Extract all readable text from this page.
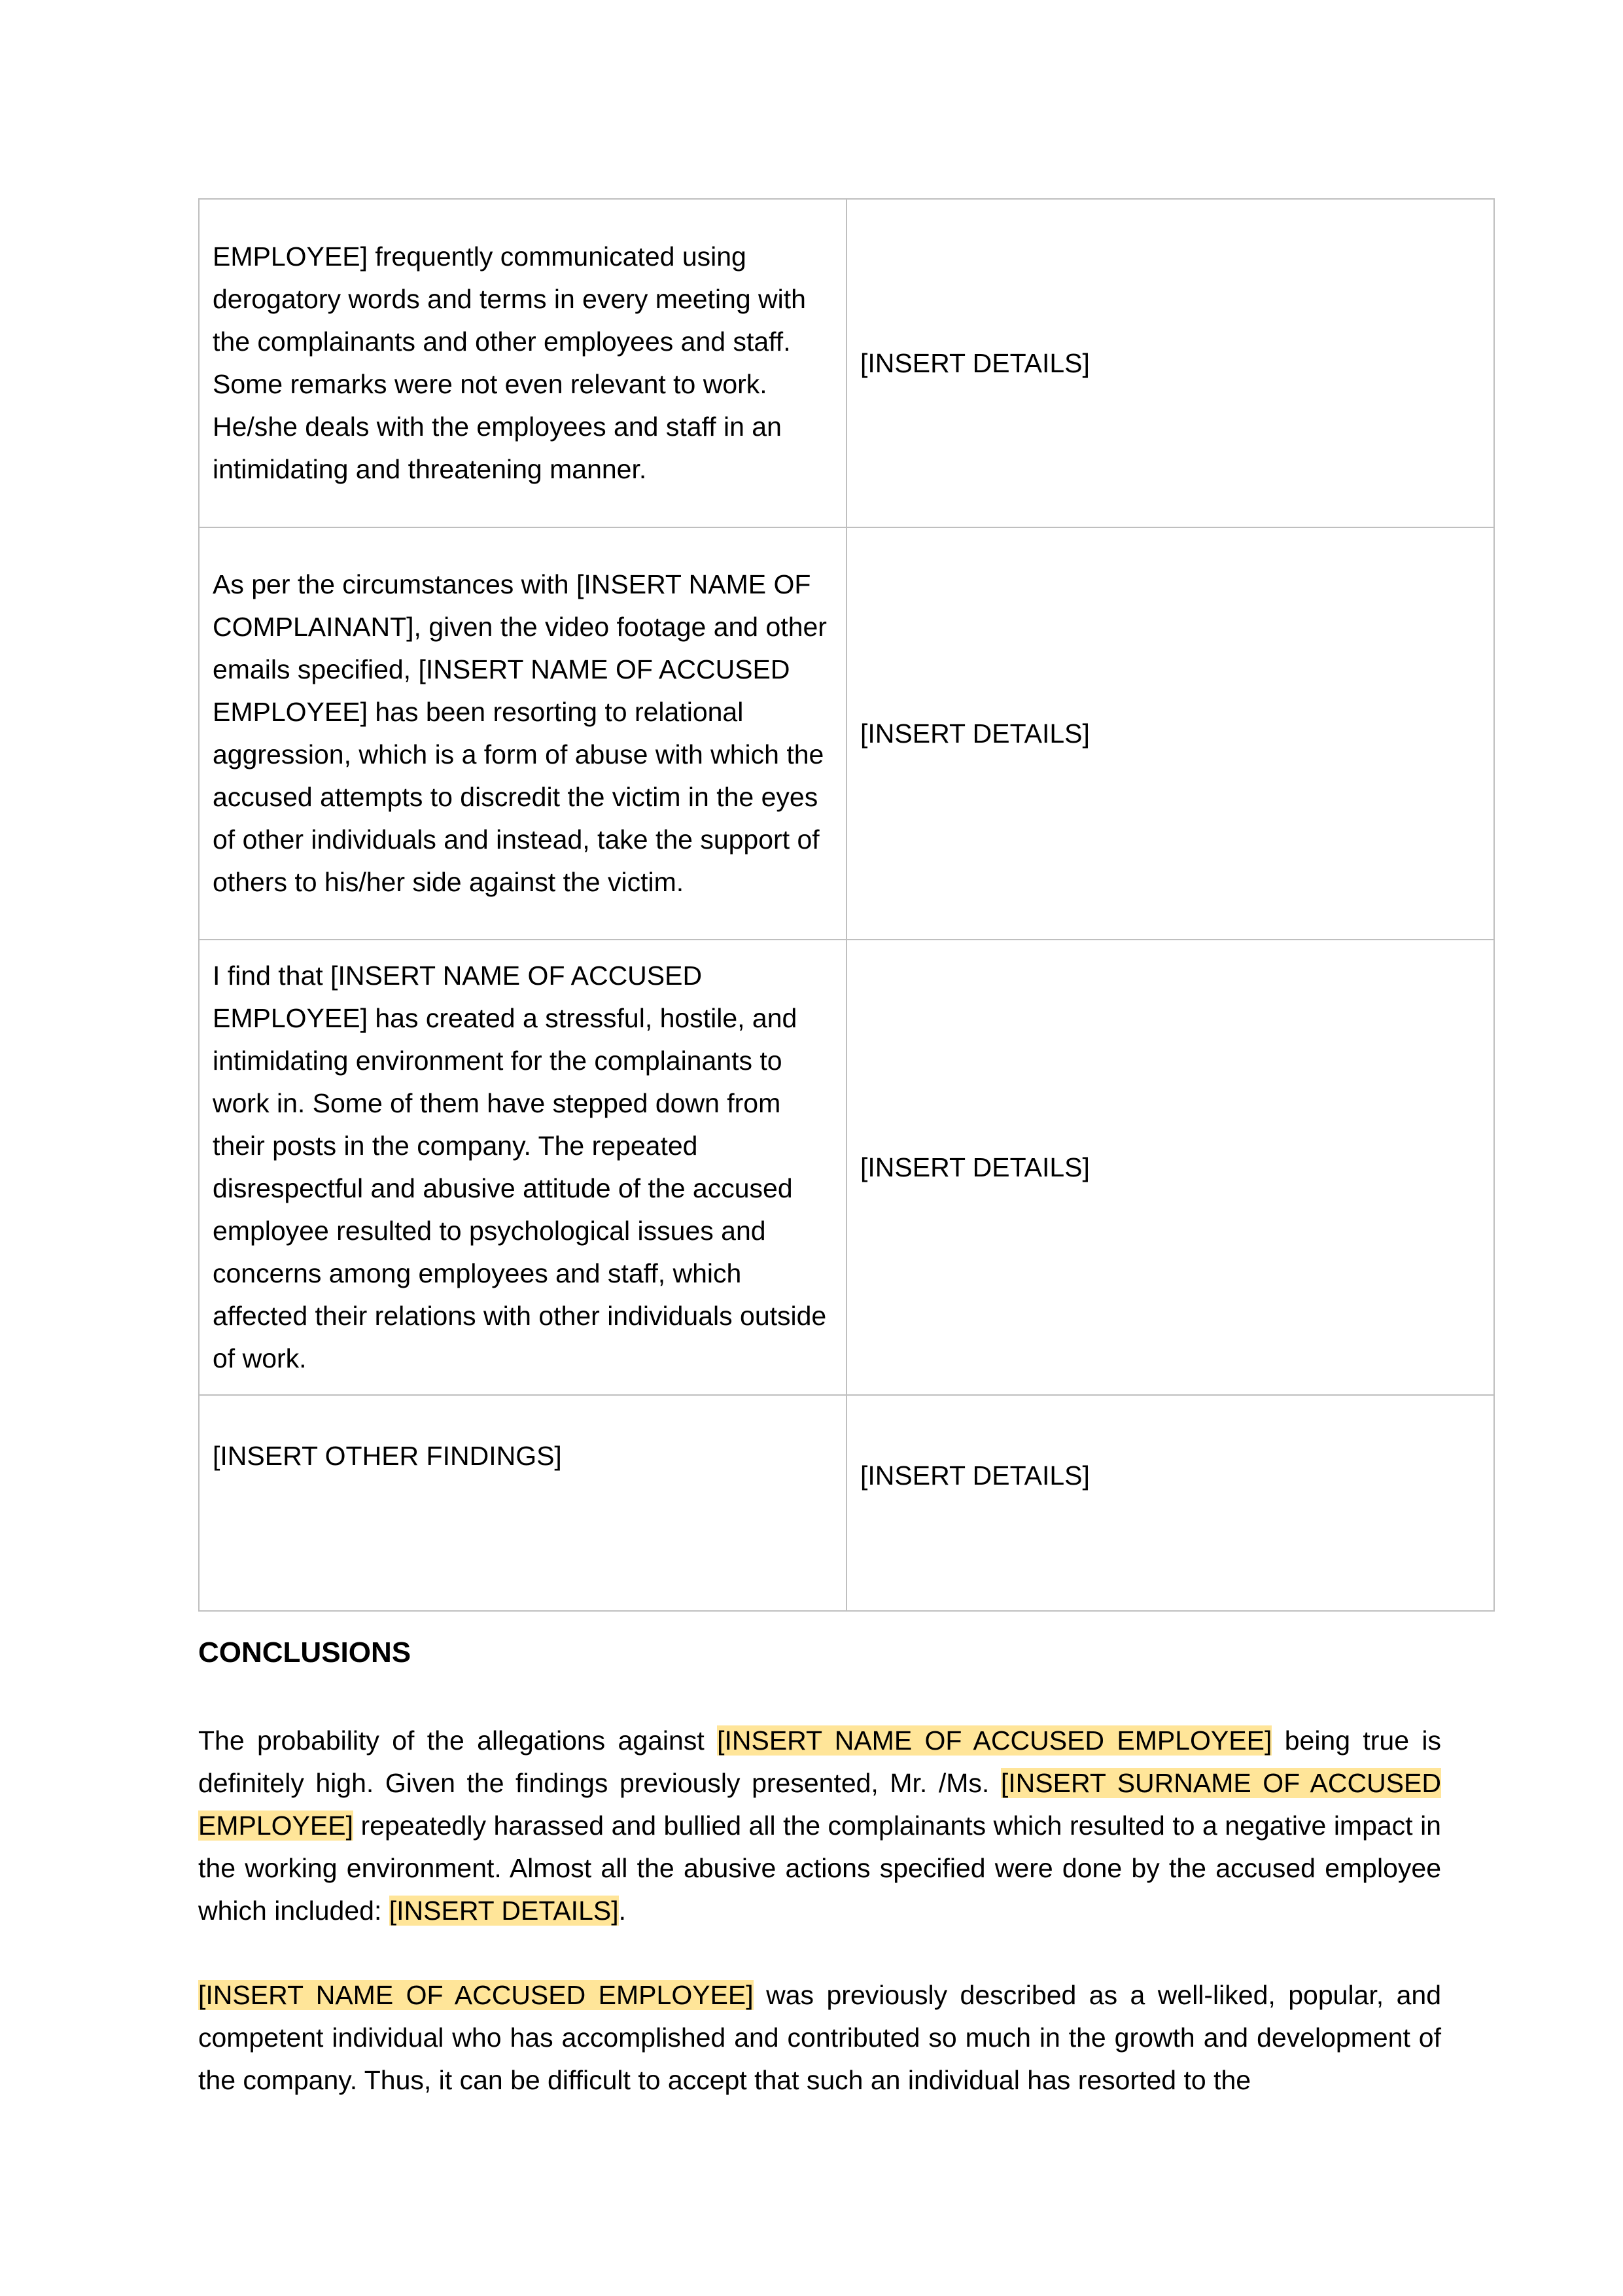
EMPLOYEE] frequently communicated using derogatory words and terms in every meeting with the complainants and other employees and staff. Some remarks were not even relevant to work. He/she deals with the employees and staff in an intimidating and threatening manner.	[INSERT DETAILS]
As per the circumstances with [INSERT NAME OF COMPLAINANT], given the video footage and other emails specified, [INSERT NAME OF ACCUSED EMPLOYEE] has been resorting to relational aggression, which is a form of abuse with which the accused attempts to discredit the victim in the eyes of other individuals and instead, take the support of others to his/her side against the victim.	[INSERT DETAILS]
I find that [INSERT NAME OF ACCUSED EMPLOYEE] has created a stressful, hostile, and intimidating environment for the complainants to work in. Some of them have stepped down from their posts in the company. The repeated disrespectful and abusive attitude of the accused employee resulted to psychological issues and concerns among employees and staff, which affected their relations with other individuals outside of work.	[INSERT DETAILS]
[INSERT OTHER FINDINGS]	[INSERT DETAILS]
CONCLUSIONS

The probability of the allegations against [INSERT NAME OF ACCUSED EMPLOYEE] being true is definitely high. Given the findings previously presented, Mr. /Ms. [INSERT SURNAME OF ACCUSED EMPLOYEE] repeatedly harassed and bullied all the complainants which resulted to a negative impact in the working environment. Almost all the abusive actions specified were done by the accused employee which included: [INSERT DETAILS].

[INSERT NAME OF ACCUSED EMPLOYEE] was previously described as a well-liked, popular, and competent individual who has accomplished and contributed so much in the growth and development of the company. Thus, it can be difficult to accept that such an individual has resorted to the
